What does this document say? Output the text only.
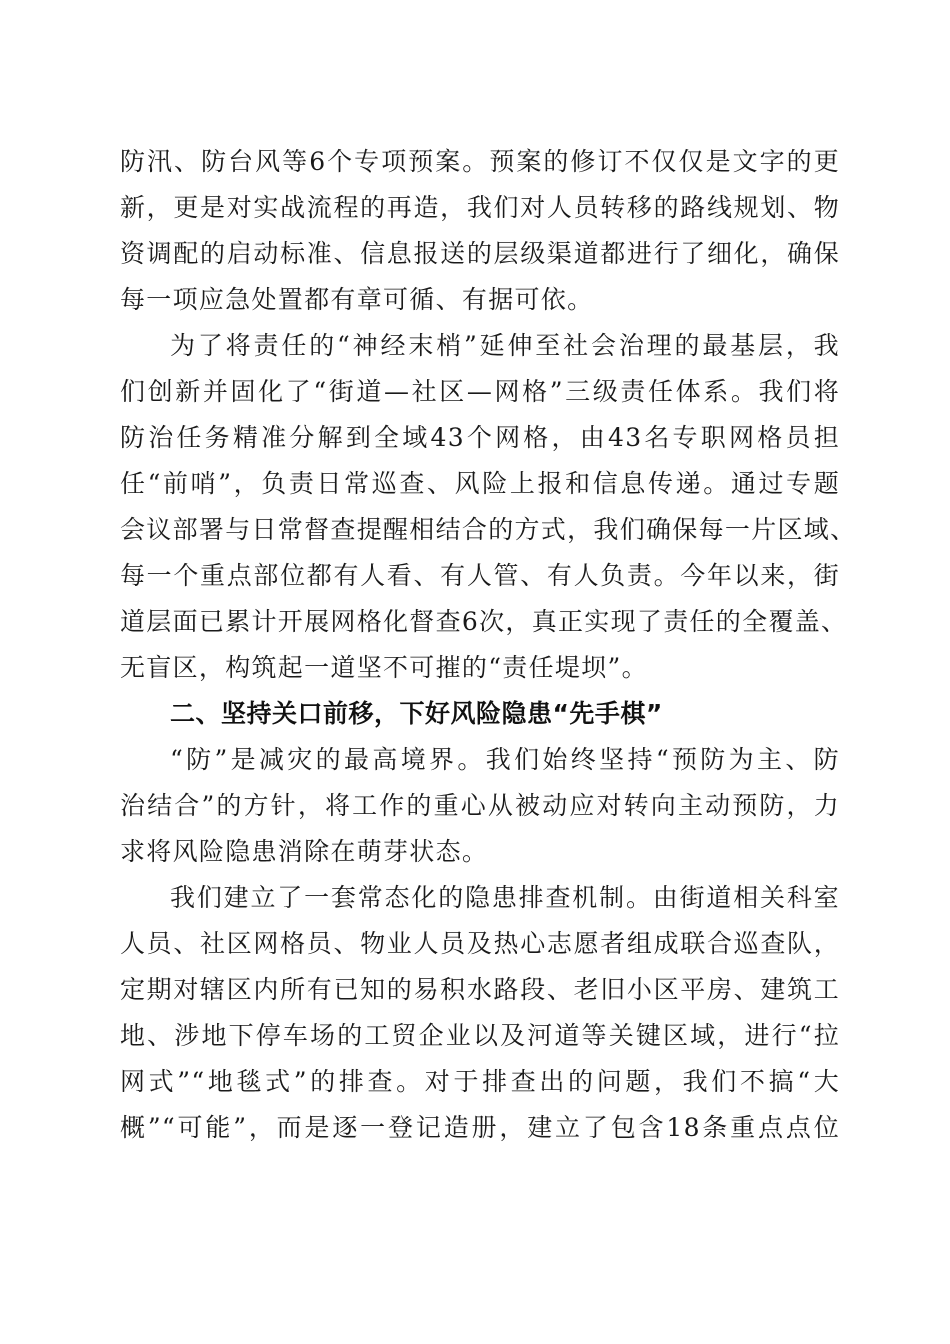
防汛、防台风等6个专项预案。预案的修订不仅仅是文字的更
新，更是对实战流程的再造，我们对人员转移的路线规划、物
资调配的启动标准、信息报送的层级渠道都进行了细化，确保
每一项应急处置都有章可循、有据可依。

为了将责任的“神经末梢”延伸至社会治理的最基层，我
们创新并固化了“街道—社区—网格”三级责任体系。我们将
防治任务精准分解到全域43个网格，由43名专职网格员担
任“前哨”，负责日常巡查、风险上报和信息传递。通过专题
会议部署与日常督查提醒相结合的方式，我们确保每一片区域、
每一个重点部位都有人看、有人管、有人负责。今年以来，街
道层面已累计开展网格化督查6次，真正实现了责任的全覆盖、
无盲区，构筑起一道坚不可摧的“责任堤坝”。

二、坚持关口前移，下好风险隐患“先手棋”

“防”是减灾的最高境界。我们始终坚持“预防为主、防
治结合”的方针，将工作的重心从被动应对转向主动预防，力
求将风险隐患消除在萌芽状态。

我们建立了一套常态化的隐患排查机制。由街道相关科室
人员、社区网格员、物业人员及热心志愿者组成联合巡查队，
定期对辖区内所有已知的易积水路段、老旧小区平房、建筑工
地、涉地下停车场的工贸企业以及河道等关键区域，进行“拉
网式”“地毯式”的排查。对于排查出的问题，我们不搞“大
概”“可能”，而是逐一登记造册，建立了包含18条重点点位
